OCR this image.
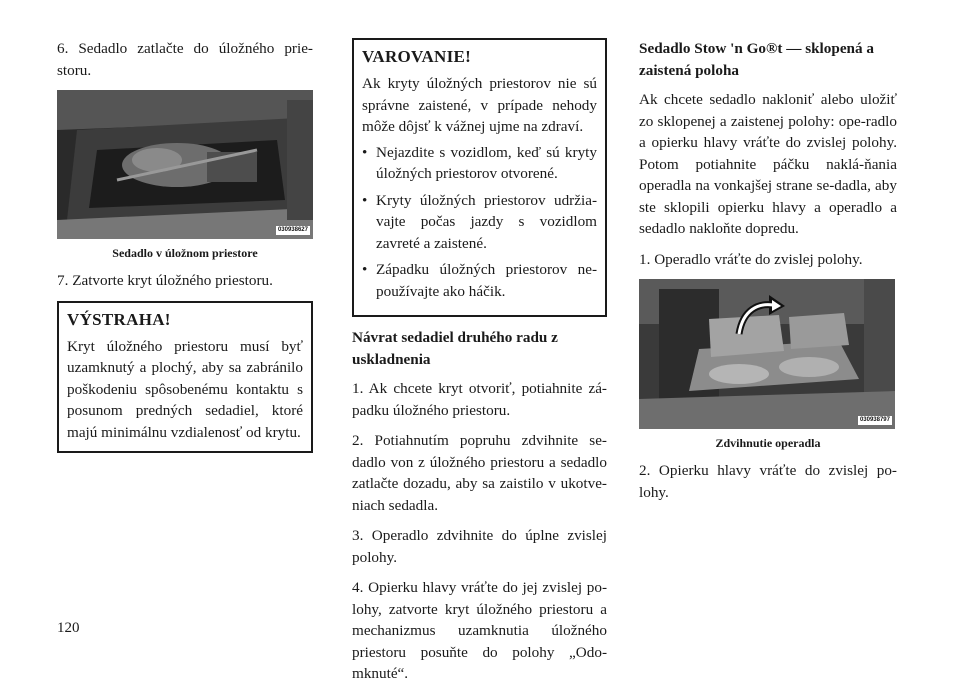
6. Sedadlo zatlačte do úložného prie-storu.

030938627
Sedadlo v úložnom priestore

7. Zatvorte kryt úložného priestoru.

VÝSTRAHA!

Kryt úložného priestoru musí byť uzamknutý a plochý, aby sa zabránilo poškodeniu spôsobenému kontaktu s posunom predných sedadiel, ktoré majú minimálnu vzdialenosť od krytu.

VAROVANIE!

Ak kryty úložných priestorov nie sú správne zaistené, v prípade nehody môže dôjsť k vážnej ujme na zdraví.

• Nejazdite s vozidlom, keď sú kryty úložných priestorov otvorené.
• Kryty úložných priestorov udržia-vajte počas jazdy s vozidlom zavreté a zaistené.
• Západku úložných priestorov ne-používajte ako háčik.
Návrat sedadiel druhého radu z uskladnenia

1. Ak chcete kryt otvoriť, potiahnite zá-padku úložného priestoru.

2. Potiahnutím popruhu zdvihnite se-dadlo von z úložného priestoru a sedadlo zatlačte dozadu, aby sa zaistilo v ukotve-niach sedadla.

3. Operadlo zdvihnite do úplne zvislej polohy.

4. Opierku hlavy vráťte do jej zvislej po-lohy, zatvorte kryt úložného priestoru a mechanizmus uzamknutia úložného priestoru posuňte do polohy „Odo-mknuté“.

Sedadlo Stow 'n Go®t — sklopená a zaistená poloha

Ak chcete sedadlo nakloniť alebo uložiť zo sklopenej a zaistenej polohy: ope-radlo a opierku hlavy vráťte do zvislej polohy. Potom potiahnite páčku naklá-ňania operadla na vonkajšej strane se-dadla, aby ste sklopili opierku hlavy a operadlo a sedadlo nakloňte dopredu.

1. Operadlo vráťte do zvislej polohy.

030938797
Zdvihnutie operadla

2. Opierku hlavy vráťte do zvislej po-lohy.

120
